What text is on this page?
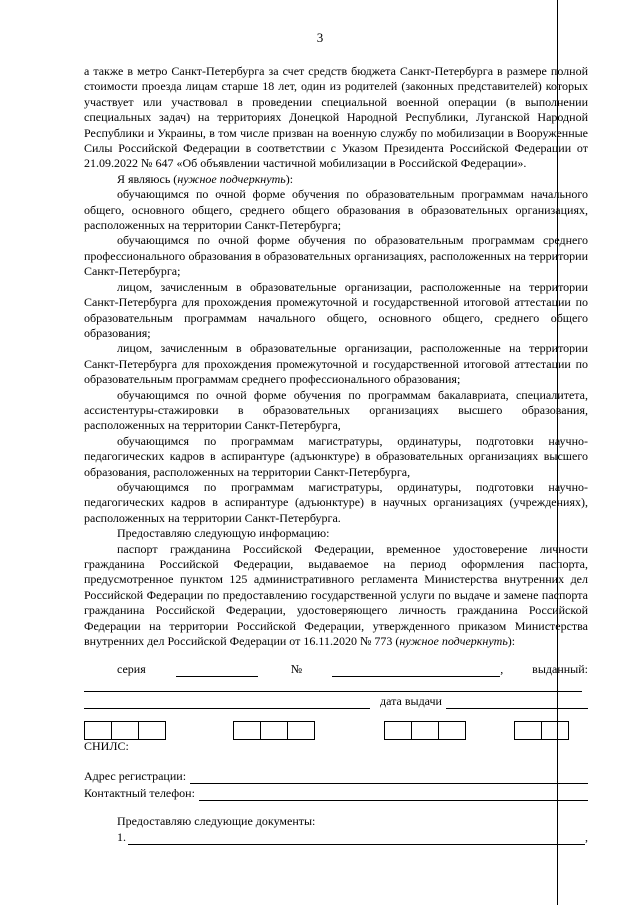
3

а также в метро Санкт-Петербурга за счет средств бюджета Санкт-Петербурга в размере полной стоимости проезда лицам старше 18 лет, один из родителей (законных представителей) которых участвует или участвовал в проведении специальной военной операции (в выполнении специальных задач) на территориях Донецкой Народной Республики, Луганской Народной Республики и Украины, в том числе призван на военную службу по мобилизации в Вооруженные Силы Российской Федерации в соответствии с Указом Президента Российской Федерации от 21.09.2022 № 647 «Об объявлении частичной мобилизации в Российской Федерации».

Я являюсь (нужное подчеркнуть):

обучающимся по очной форме обучения по образовательным программам начального общего, основного общего, среднего общего образования в образовательных организациях, расположенных на территории Санкт-Петербурга;

обучающимся по очной форме обучения по образовательным программам среднего профессионального образования в образовательных организациях, расположенных на территории Санкт-Петербурга;

лицом, зачисленным в образовательные организации, расположенные на территории Санкт-Петербурга для прохождения промежуточной и государственной итоговой аттестации по образовательным программам начального общего, основного общего, среднего общего образования;

лицом, зачисленным в образовательные организации, расположенные на территории Санкт-Петербурга для прохождения промежуточной и государственной итоговой аттестации по образовательным программам среднего профессионального образования;

обучающимся по очной форме обучения по программам бакалавриата, специалитета, ассистентуры-стажировки в образовательных организациях высшего образования, расположенных на территории Санкт-Петербурга,

обучающимся по программам магистратуры, ординатуры, подготовки научно-педагогических кадров в аспирантуре (адъюнктуре) в образовательных организациях высшего образования, расположенных на территории Санкт-Петербурга,

обучающимся по программам магистратуры, ординатуры, подготовки научно-педагогических кадров в аспирантуре (адъюнктуре) в научных организациях (учреждениях), расположенных на территории Санкт-Петербурга.

Предоставляю следующую информацию:

паспорт гражданина Российской Федерации, временное удостоверение личности гражданина Российской Федерации, выдаваемое на период оформления паспорта, предусмотренное пунктом 125 административного регламента Министерства внутренних дел Российской Федерации по предоставлению государственной услуги по выдаче и замене паспорта гражданина Российской Федерации, удостоверяющего личность гражданина Российской Федерации на территории Российской Федерации, утвержденного приказом Министерства внутренних дел Российской Федерации от 16.11.2020 № 773 (нужное подчеркнуть):

серия	№	, выданный:
дата выдачи
СНИЛС:
Адрес регистрации:
Контактный телефон:
Предоставляю следующие документы:
1.	,
